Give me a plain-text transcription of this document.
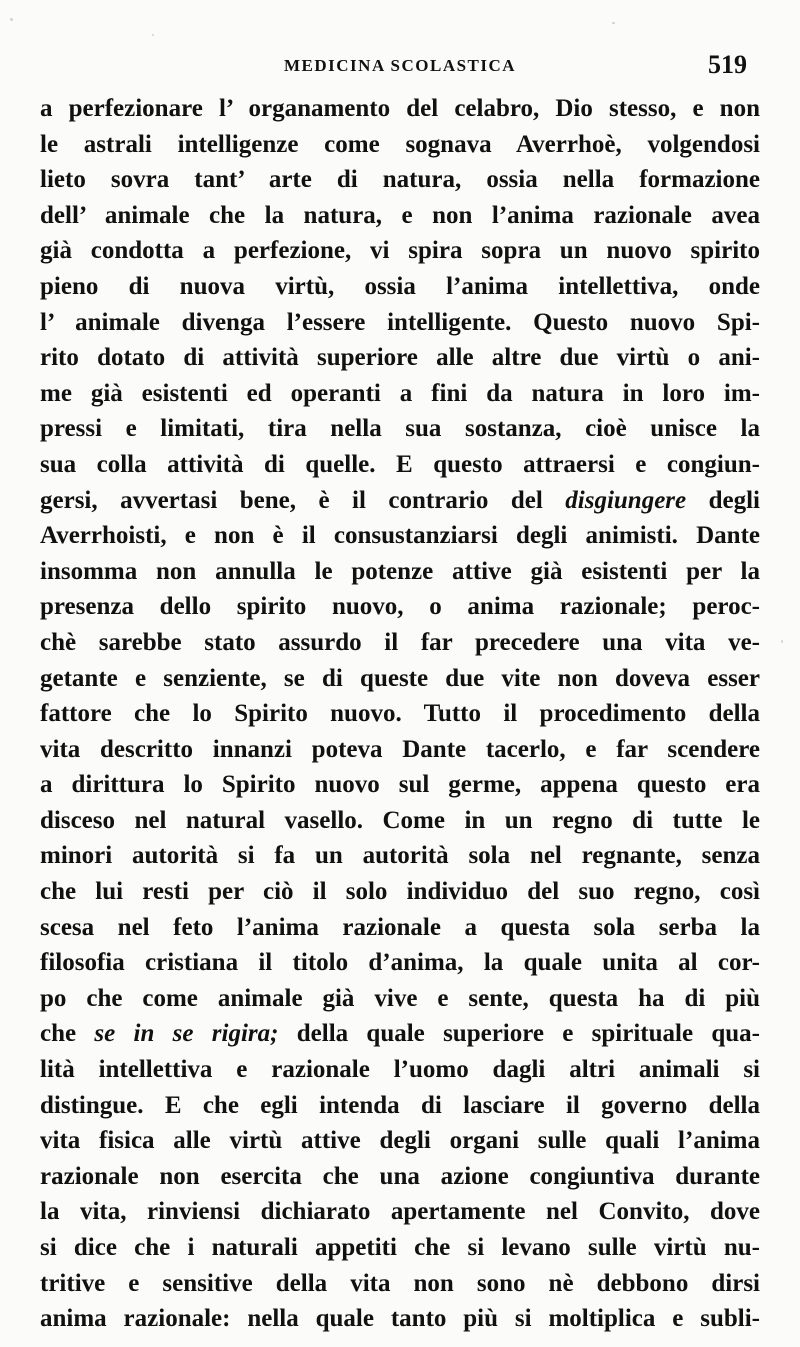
MEDICINA SCOLASTICA	519
a perfezionare l’ organamento del celabro, Dio stesso, e non
le astrali intelligenze come sognava Averrhoè, volgendosi
lieto sovra tant’ arte di natura, ossia nella formazione
dell’ animale che la natura, e non l’anima razionale avea
già condotta a perfezione, vi spira sopra un nuovo spirito
pieno di nuova virtù, ossia l’anima intellettiva, onde
l’ animale divenga l’essere intelligente. Questo nuovo Spi-
rito dotato di attività superiore alle altre due virtù o ani-
me già esistenti ed operanti a fini da natura in loro im-
pressi e limitati, tira nella sua sostanza, cioè unisce la
sua colla attività di quelle. E questo attraersi e congiun-
gersi, avvertasi bene, è il contrario del disgiungere degli
Averrhoisti, e non è il consustanziarsi degli animisti. Dante
insomma non annulla le potenze attive già esistenti per la
presenza dello spirito nuovo, o anima razionale; peroc-
chè sarebbe stato assurdo il far precedere una vita ve-
getante e senziente, se di queste due vite non doveva esser
fattore che lo Spirito nuovo. Tutto il procedimento della
vita descritto innanzi poteva Dante tacerlo, e far scendere
a dirittura lo Spirito nuovo sul germe, appena questo era
disceso nel natural vasello. Come in un regno di tutte le
minori autorità si fa un autorità sola nel regnante, senza
che lui resti per ciò il solo individuo del suo regno, così
scesa nel feto l’anima razionale a questa sola serba la
filosofia cristiana il titolo d’anima, la quale unita al cor-
po che come animale già vive e sente, questa ha di più
che se in se rigira; della quale superiore e spirituale qua-
lità intellettiva e razionale l’uomo dagli altri animali si
distingue. E che egli intenda di lasciare il governo della
vita fisica alle virtù attive degli organi sulle quali l’anima
razionale non esercita che una azione congiuntiva durante
la vita, rinviensi dichiarato apertamente nel Convito, dove
si dice che i naturali appetiti che si levano sulle virtù nu-
tritive e sensitive della vita non sono nè debbono dirsi
anima razionale: nella quale tanto più si moltiplica e subli-
